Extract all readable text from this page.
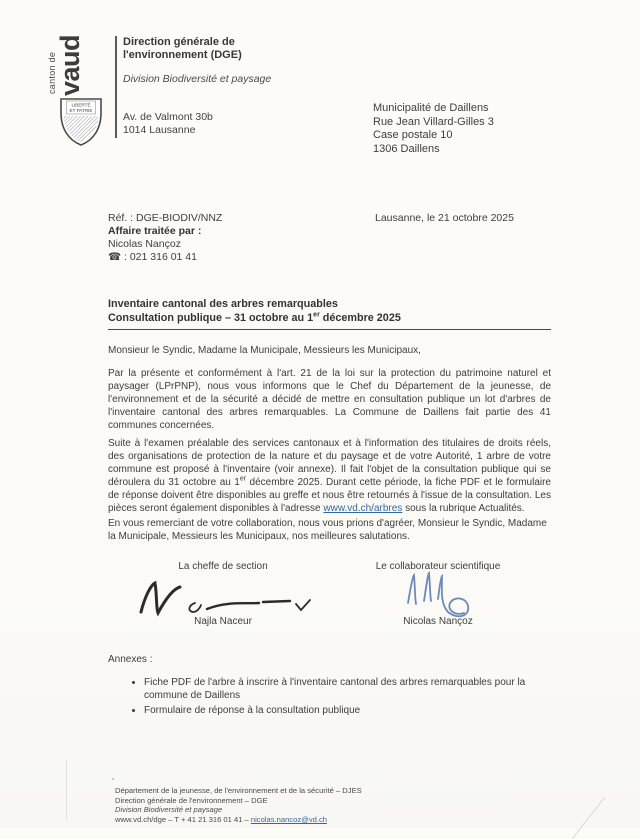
canton de
vaud
LIBERTÉ
ET PATRIE
Direction générale de
l'environnement (DGE)
Division Biodiversité et paysage
Av. de Valmont 30b
1014 Lausanne
Municipalité de Daillens
Rue Jean Villard-Gilles 3
Case postale 10
1306 Daillens
Réf. : DGE-BIODIV/NNZ
Affaire traitée par :
Nicolas Nançoz
☎ : 021 316 01 41
Lausanne, le 21 octobre 2025
Inventaire cantonal des arbres remarquables
Consultation publique – 31 octobre au 1er décembre 2025
Monsieur le Syndic, Madame la Municipale, Messieurs les Municipaux,
Par la présente et conformément à l'art. 21 de la loi sur la protection du patrimoine naturel et paysager (LPrPNP), nous vous informons que le Chef du Département de la jeunesse, de l'environnement et de la sécurité a décidé de mettre en consultation publique un lot d'arbres de l'inventaire cantonal des arbres remarquables. La Commune de Daillens fait partie des 41 communes concernées.
Suite à l'examen préalable des services cantonaux et à l'information des titulaires de droits réels, des organisations de protection de la nature et du paysage et de votre Autorité, 1 arbre de votre commune est proposé à l'inventaire (voir annexe). Il fait l'objet de la consultation publique qui se déroulera du 31 octobre au 1er décembre 2025. Durant cette période, la fiche PDF et le formulaire de réponse doivent être disponibles au greffe et nous être retournés à l'issue de la consultation. Les pièces seront également disponibles à l'adresse www.vd.ch/arbres sous la rubrique Actualités.
En vous remerciant de votre collaboration, nous vous prions d'agréer, Monsieur le Syndic, Madame la Municipale, Messieurs les Municipaux, nos meilleures salutations.
La cheffe de section	Le collaborateur scientifique
Najla Naceur	Nicolas Nançoz
Annexes :
• Fiche PDF de l'arbre à inscrire à l'inventaire cantonal des arbres remarquables pour la commune de Daillens
• Formulaire de réponse à la consultation publique
Département de la jeunesse, de l'environnement et de la sécurité – DJES
Direction générale de l'environnement – DGE
Division Biodiversité et paysage
www.vd.ch/dge – T + 41 21 316 01 41 – nicolas.nancoz@vd.ch
